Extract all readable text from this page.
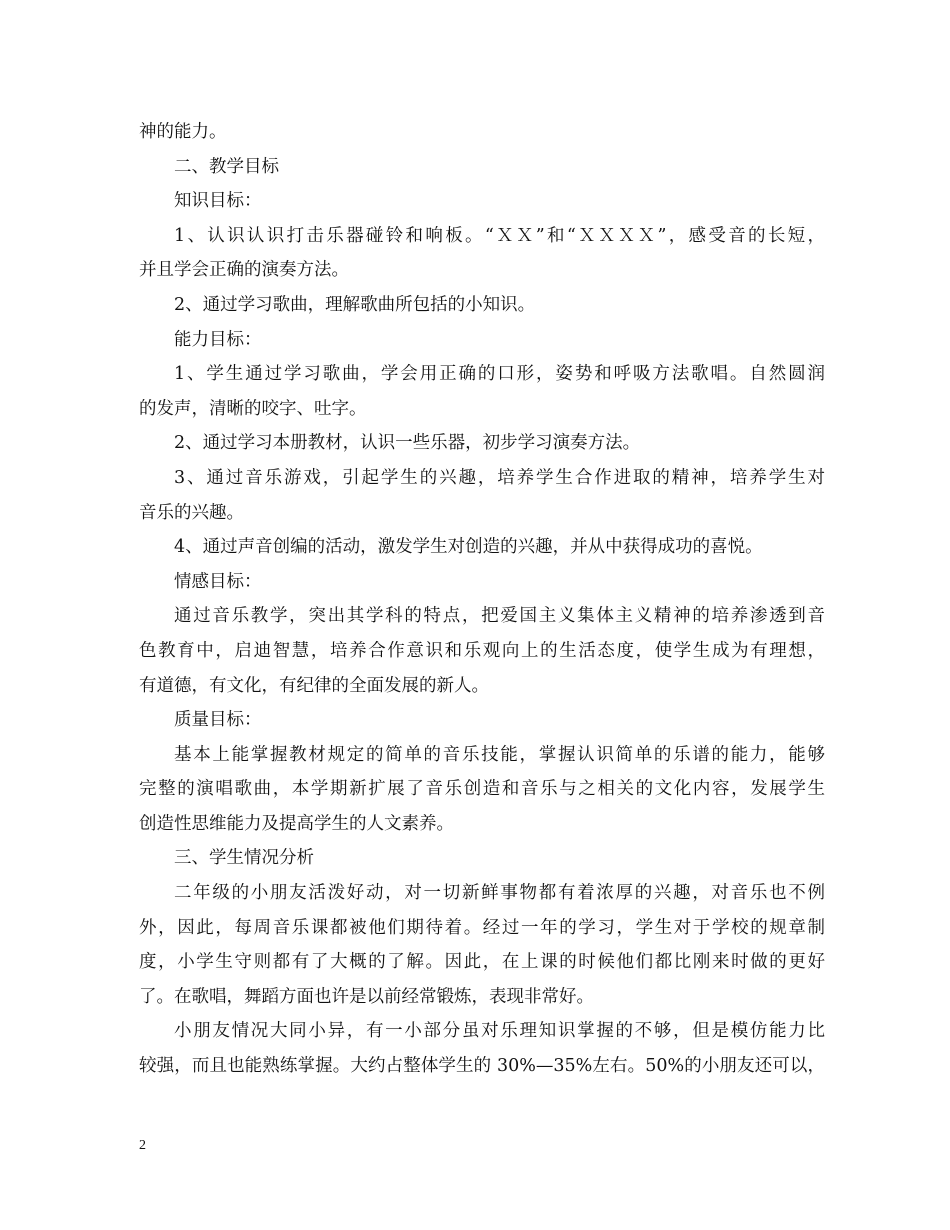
神的能力。
二、教学目标
知识目标：
1、认识认识打击乐器碰铃和响板。“ＸＸ”和“ＸＸＸＸ”，感受音的长短，
并且学会正确的演奏方法。
2、通过学习歌曲，理解歌曲所包括的小知识。
能力目标：
1、学生通过学习歌曲，学会用正确的口形，姿势和呼吸方法歌唱。自然圆润
的发声，清晰的咬字、吐字。
2、通过学习本册教材，认识一些乐器，初步学习演奏方法。
3、通过音乐游戏，引起学生的兴趣，培养学生合作进取的精神，培养学生对
音乐的兴趣。
4、通过声音创编的活动，激发学生对创造的兴趣，并从中获得成功的喜悦。
情感目标：
通过音乐教学，突出其学科的特点，把爱国主义集体主义精神的培养渗透到音
色教育中，启迪智慧，培养合作意识和乐观向上的生活态度，使学生成为有理想，
有道德，有文化，有纪律的全面发展的新人。
质量目标：
基本上能掌握教材规定的简单的音乐技能，掌握认识简单的乐谱的能力，能够
完整的演唱歌曲，本学期新扩展了音乐创造和音乐与之相关的文化内容，发展学生
创造性思维能力及提高学生的人文素养。
三、学生情况分析
二年级的小朋友活泼好动，对一切新鲜事物都有着浓厚的兴趣，对音乐也不例
外，因此，每周音乐课都被他们期待着。经过一年的学习，学生对于学校的规章制
度，小学生守则都有了大概的了解。因此，在上课的时候他们都比刚来时做的更好
了。在歌唱，舞蹈方面也许是以前经常锻炼，表现非常好。
小朋友情况大同小异，有一小部分虽对乐理知识掌握的不够，但是模仿能力比
较强，而且也能熟练掌握。大约占整体学生的 30%—35%左右。50%的小朋友还可以，
2
